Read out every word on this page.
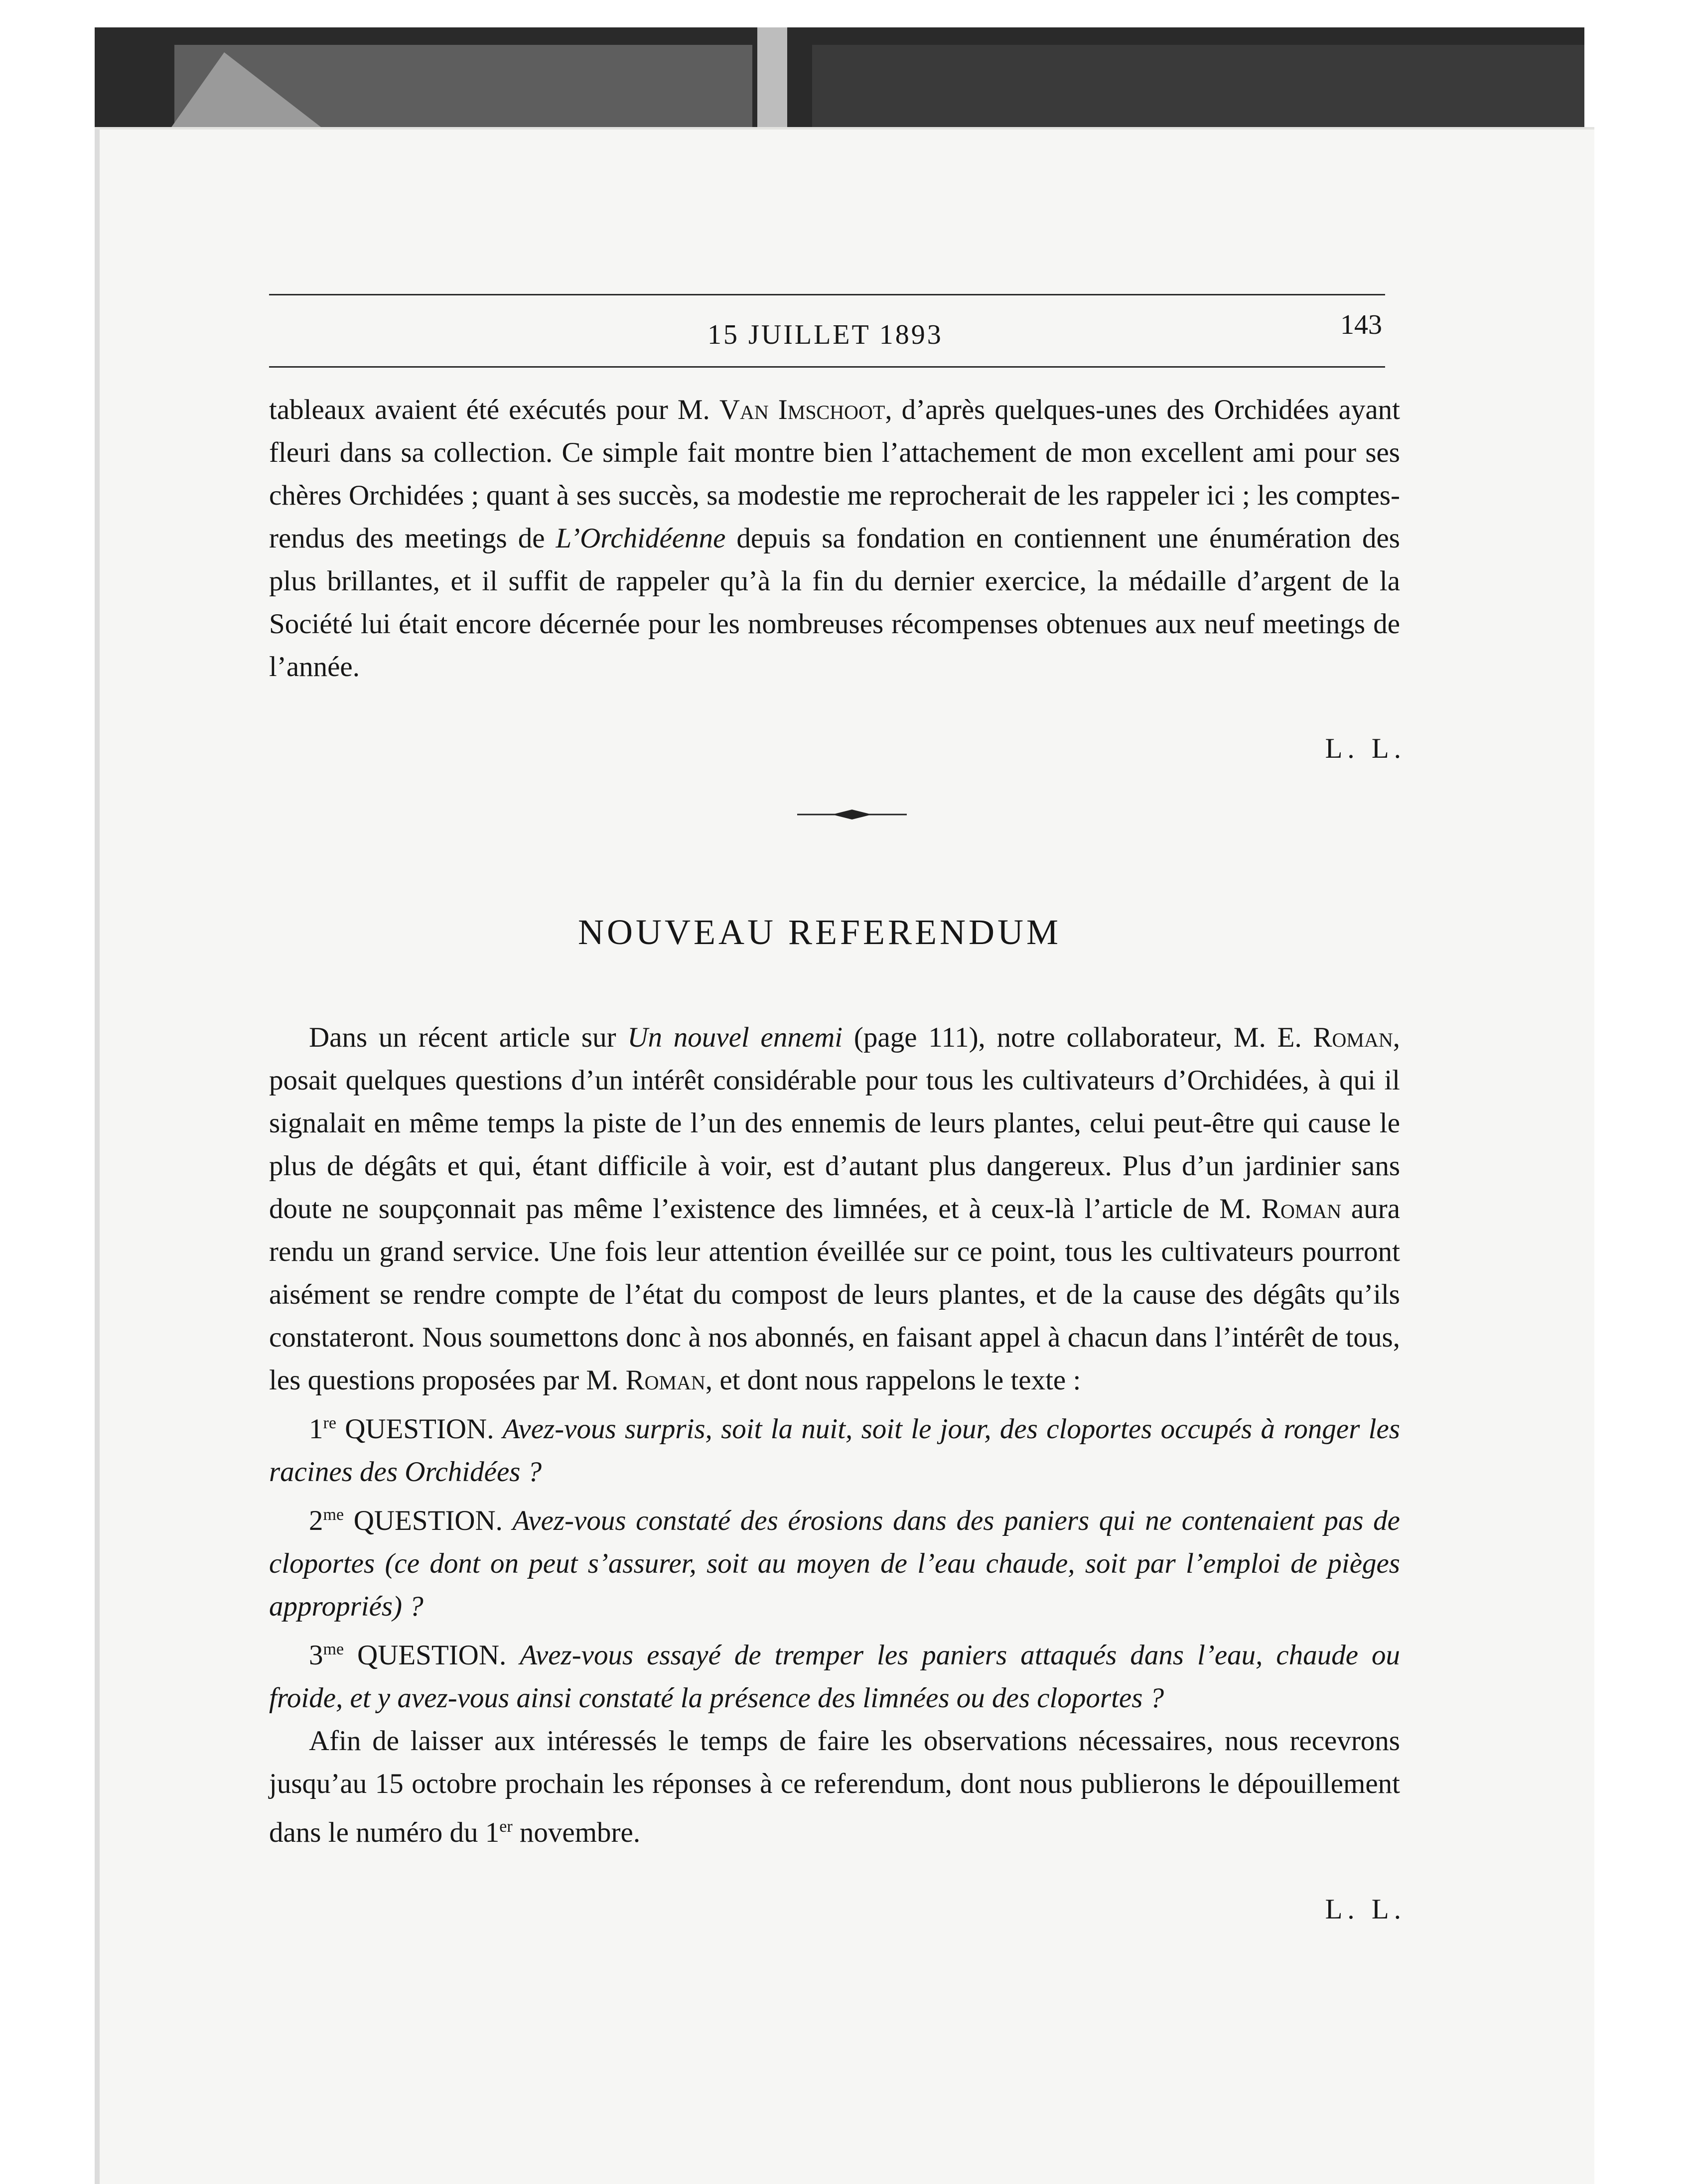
15 JUILLET 1893	143

tableaux avaient été exécutés pour M. Van Imschoot, d’après quelques-unes des Orchidées ayant fleuri dans sa collection. Ce simple fait montre bien l’attachement de mon excellent ami pour ses chères Orchidées ; quant à ses succès, sa modestie me reprocherait de les rappeler ici ; les comptes-rendus des meetings de L’Orchidéenne depuis sa fondation en contiennent une énumération des plus brillantes, et il suffit de rappeler qu’à la fin du dernier exercice, la médaille d’argent de la Société lui était encore décernée pour les nombreuses récompenses obtenues aux neuf meetings de l’année.

L. L.
NOUVEAU REFERENDUM

Dans un récent article sur Un nouvel ennemi (page 111), notre collaborateur, M. E. Roman, posait quelques questions d’un intérêt considérable pour tous les cultivateurs d’Orchidées, à qui il signalait en même temps la piste de l’un des ennemis de leurs plantes, celui peut-être qui cause le plus de dégâts et qui, étant difficile à voir, est d’autant plus dangereux. Plus d’un jardinier sans doute ne soupçonnait pas même l’existence des limnées, et à ceux-là l’article de M. Roman aura rendu un grand service. Une fois leur attention éveillée sur ce point, tous les cultivateurs pourront aisément se rendre compte de l’état du compost de leurs plantes, et de la cause des dégâts qu’ils constateront. Nous soumettons donc à nos abonnés, en faisant appel à chacun dans l’intérêt de tous, les questions proposées par M. Roman, et dont nous rappelons le texte :

1re QUESTION. Avez-vous surpris, soit la nuit, soit le jour, des cloportes occupés à ronger les racines des Orchidées ?

$2^{me}$ QUESTION. Avez-vous constaté des érosions dans des paniers qui ne contenaient pas de cloportes (ce dont on peut s’assurer, soit au moyen de l’eau chaude, soit par l’emploi de pièges appropriés) ?

$3^{me}$ QUESTION. Avez-vous essayé de tremper les paniers attaqués dans l’eau, chaude ou froide, et y avez-vous ainsi constaté la présence des limnées ou des cloportes ?

Afin de laisser aux intéressés le temps de faire les observations nécessaires, nous recevrons jusqu’au 15 octobre prochain les réponses à ce referendum, dont nous publierons le dépouillement dans le numéro du 1er novembre.

L. L.
